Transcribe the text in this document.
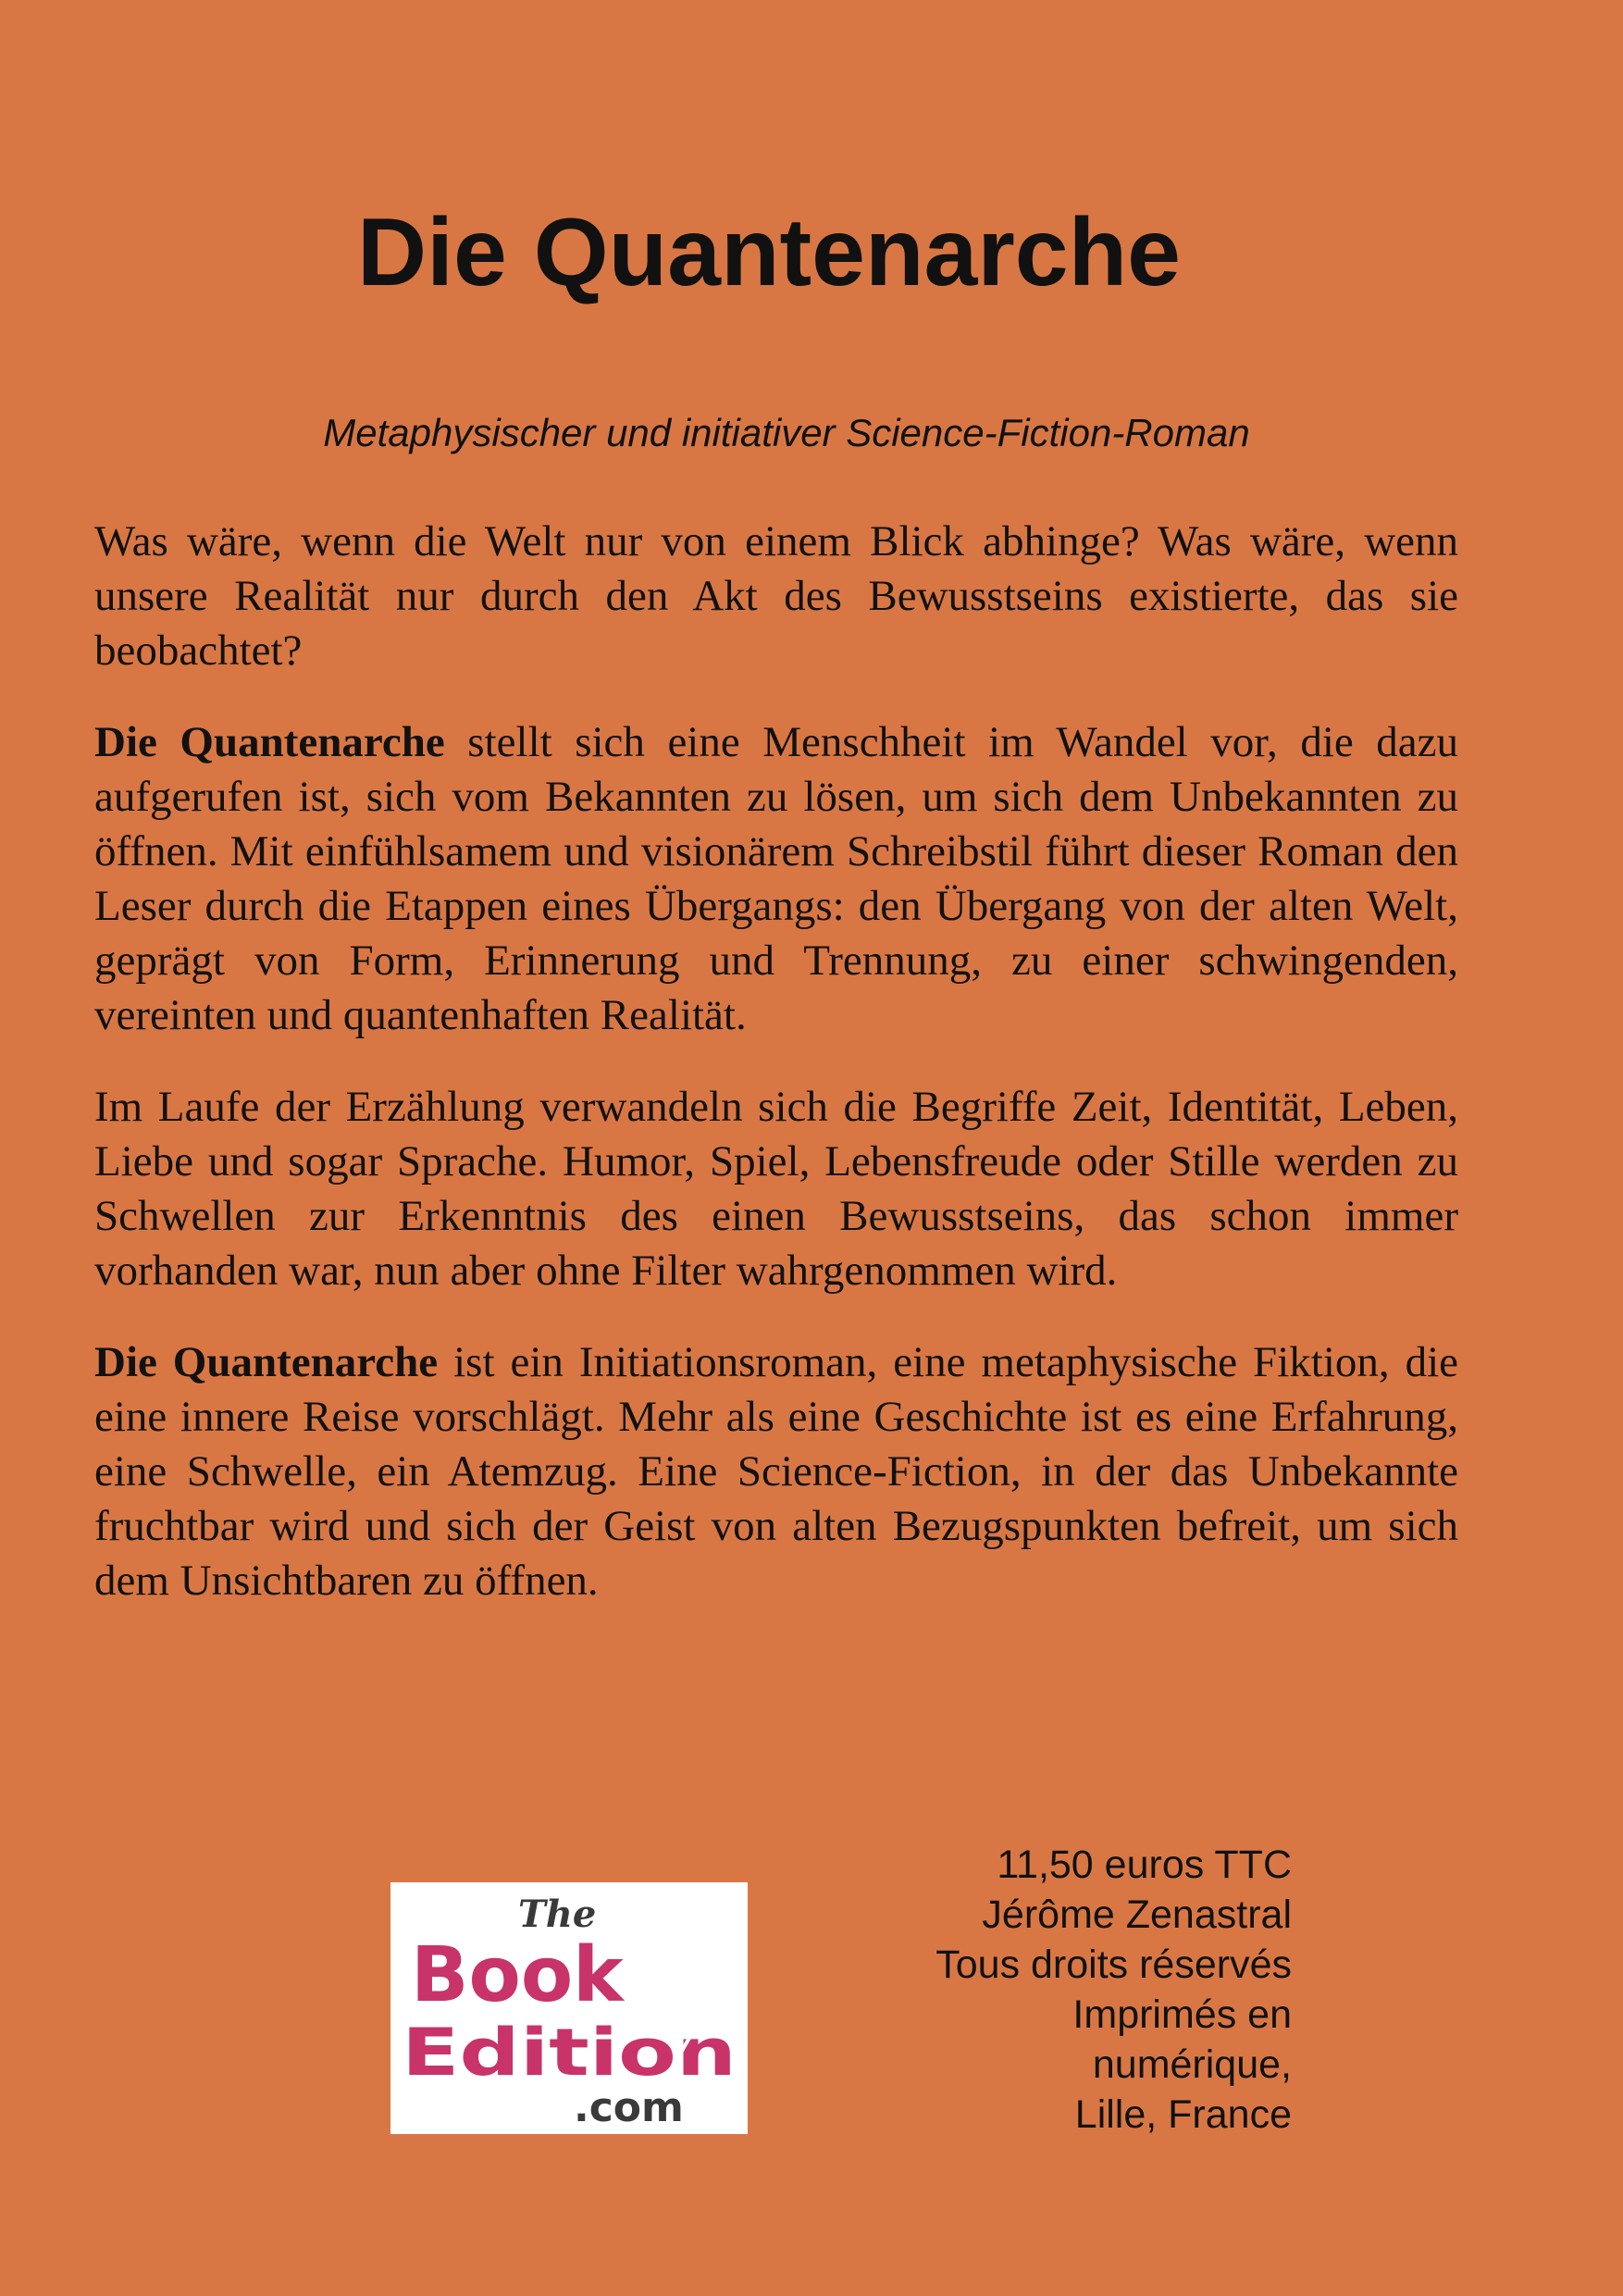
Die Quantenarche

Metaphysischer und initiativer Science-Fiction-Roman

Was wäre, wenn die Welt nur von einem Blick abhinge? Was wäre, wenn unsere Realität nur durch den Akt des Bewusstseins existierte, das sie beobachtet?

Die Quantenarche stellt sich eine Menschheit im Wandel vor, die dazu aufgerufen ist, sich vom Bekannten zu lösen, um sich dem Unbekannten zu öffnen. Mit einfühlsamem und visionärem Schreibstil führt dieser Roman den Leser durch die Etappen eines Übergangs: den Übergang von der alten Welt, geprägt von Form, Erinnerung und Trennung, zu einer schwingenden, vereinten und quantenhaften Realität.

Im Laufe der Erzählung verwandeln sich die Begriffe Zeit, Identität, Leben, Liebe und sogar Sprache. Humor, Spiel, Lebensfreude oder Stille werden zu Schwellen zur Erkenntnis des einen Bewusstseins, das schon immer vorhanden war, nun aber ohne Filter wahrgenommen wird.

Die Quantenarche ist ein Initiationsroman, eine metaphysische Fiktion, die eine innere Reise vorschlägt. Mehr als eine Geschichte ist es eine Erfahrung, eine Schwelle, ein Atemzug. Eine Science-Fiction, in der das Unbekannte fruchtbar wird und sich der Geist von alten Bezugspunkten befreit, um sich dem Unsichtbaren zu öffnen.

The
Book
Edition
.com
11,50 euros TTC
Jérôme Zenastral
Tous droits réservés
Imprimés en
numérique,
Lille, France
